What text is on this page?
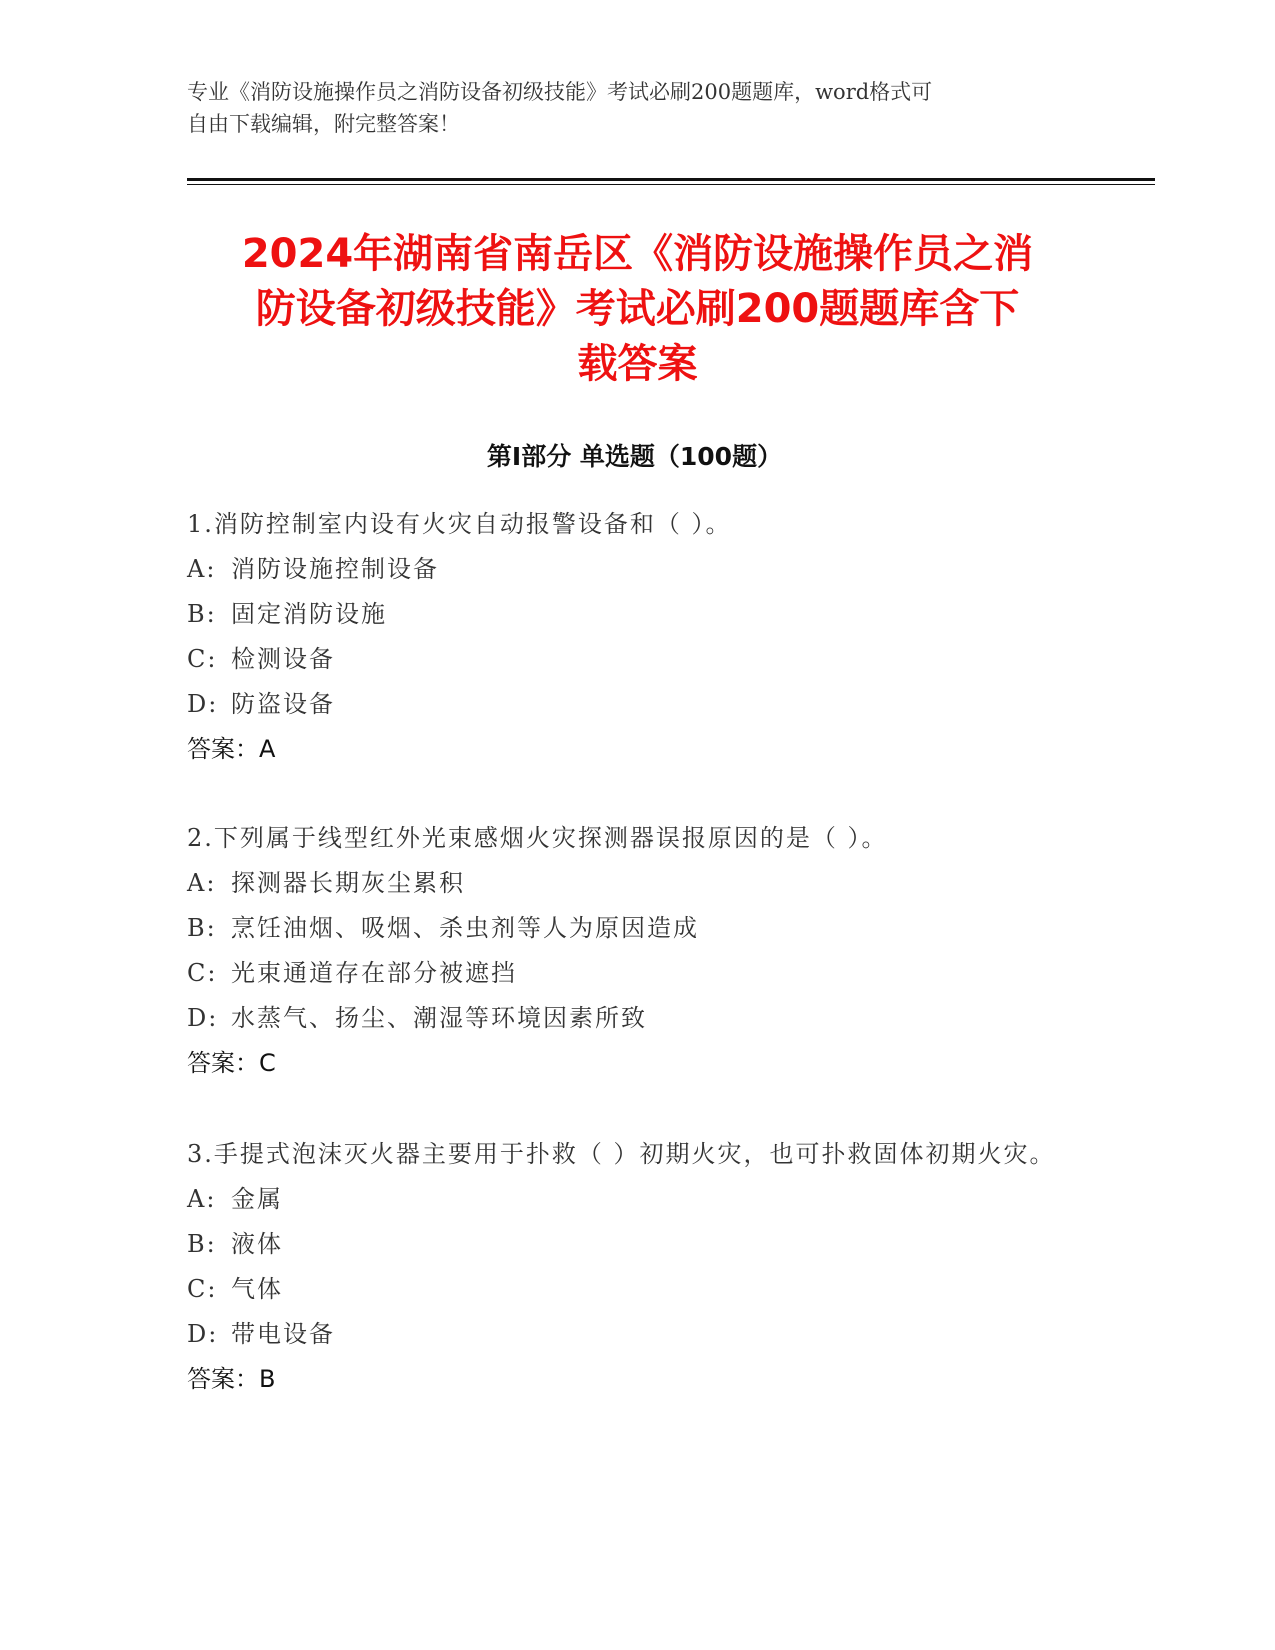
专业《消防设施操作员之消防设备初级技能》考试必刷200题题库，word格式可
自由下载编辑，附完整答案！
2024年湖南省南岳区《消防设施操作员之消
防设备初级技能》考试必刷200题题库含下
载答案
第I部分 单选题（100题）
1.消防控制室内设有火灾自动报警设备和（ ）。
A: 消防设施控制设备
B: 固定消防设施
C: 检测设备
D: 防盗设备
答案：A
2.下列属于线型红外光束感烟火灾探测器误报原因的是（ ）。
A: 探测器长期灰尘累积
B: 烹饪油烟、吸烟、杀虫剂等人为原因造成
C: 光束通道存在部分被遮挡
D: 水蒸气、扬尘、潮湿等环境因素所致
答案：C
3.手提式泡沫灭火器主要用于扑救（ ）初期火灾，也可扑救固体初期火灾。
A: 金属
B: 液体
C: 气体
D: 带电设备
答案：B
